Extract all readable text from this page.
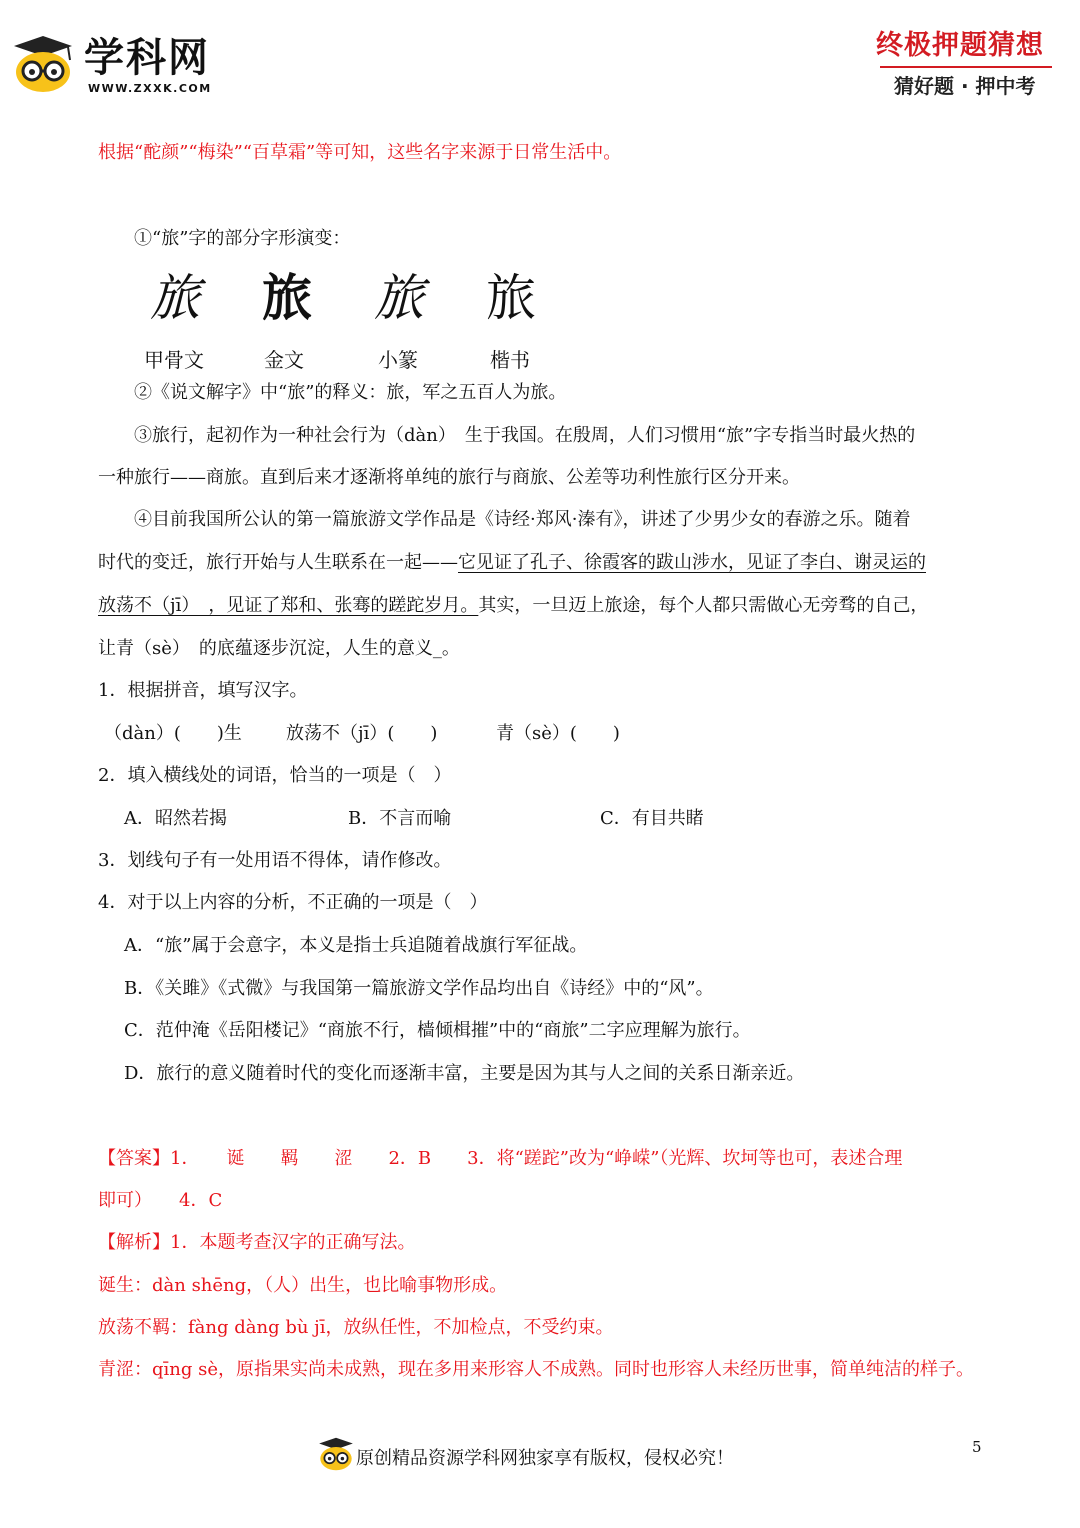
学科网
WWW.ZXXK.COM
终极押题猜想
猜好题 · 押中考
根据“酡颜”“梅染”“百草霜”等可知，这些名字来源于日常生活中。
①“旅”字的部分字形演变：
旅 旅 旅 旅
甲骨文	金文	小篆	楷书
②《说文解字》中“旅”的释义：旅，军之五百人为旅。
③旅行，起初作为一种社会行为（dàn）　生于我国。在殷周，人们习惯用“旅”字专指当时最火热的
一种旅行——商旅。直到后来才逐渐将单纯的旅行与商旅、公差等功利性旅行区分开来。
④目前我国所公认的第一篇旅游文学作品是《诗经·郑风·溱有》，讲述了少男少女的春游之乐。随着
时代的变迁，旅行开始与人生联系在一起——它见证了孔子、徐霞客的跋山涉水，见证了李白、谢灵运的
放荡不（jī）　，见证了郑和、张骞的蹉跎岁月。其实，一旦迈上旅途，每个人都只需做心无旁骛的自己，
让青（sè）　的底蕴逐步沉淀，人生的意义_。
1．根据拼音，填写汉字。
（dàn）(　　)生 放荡不（jī）(　　)	青（sè）(　　)
2．填入横线处的词语，恰当的一项是（　）
A．昭然若揭	B．不言而喻	C．有目共睹
3．划线句子有一处用语不得体，请作修改。
4．对于以上内容的分析，不正确的一项是（　）
A．“旅”属于会意字，本义是指士兵追随着战旗行军征战。
B．《关雎》《式微》与我国第一篇旅游文学作品均出自《诗经》中的“风”。
C．范仲淹《岳阳楼记》“商旅不行，樯倾楫摧”中的“商旅”二字应理解为旅行。
D．旅行的意义随着时代的变化而逐渐丰富，主要是因为其与人之间的关系日渐亲近。
【答案】1．　　诞　　羁　　涩　　2．B　　3．将“蹉跎”改为“峥嵘”（光辉、坎坷等也可，表述合理
即可）　　4．C
【解析】1．本题考查汉字的正确写法。
诞生：dàn shēng，（人）出生，也比喻事物形成。
放荡不羁：fàng dàng bù jī，放纵任性，不加检点，不受约束。
青涩：qīng sè，原指果实尚未成熟，现在多用来形容人不成熟。同时也形容人未经历世事，简单纯洁的样子。
原创精品资源学科网独家享有版权，侵权必究！
5
